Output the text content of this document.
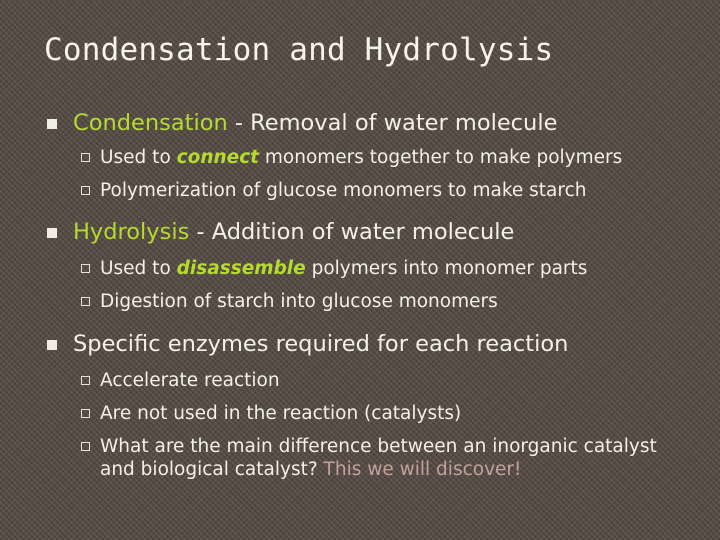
Condensation and Hydrolysis
Condensation - Removal of water molecule
Used to connect monomers together to make polymers
Polymerization of glucose monomers to make starch
Hydrolysis - Addition of water molecule
Used to disassemble polymers into monomer parts
Digestion of starch into glucose monomers
Specific enzymes required for each reaction
Accelerate reaction
Are not used in the reaction (catalysts)
What are the main difference between an inorganic catalyst and biological catalyst? This we will discover!
